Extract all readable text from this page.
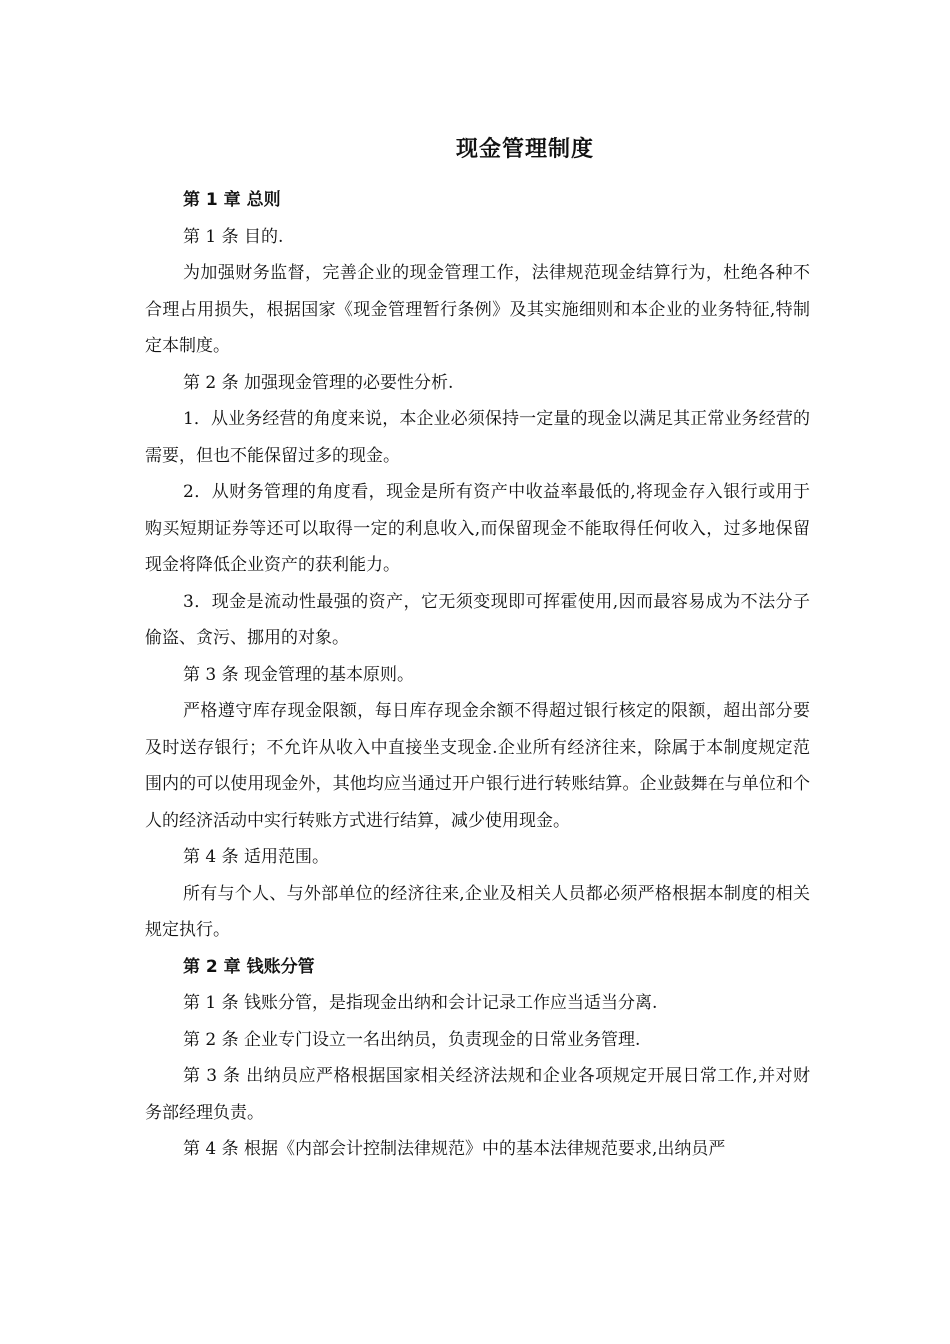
现金管理制度

第 1 章 总则

第 1 条 目的.

为加强财务监督，完善企业的现金管理工作，法律规范现金结算行为，杜绝各种不合理占用损失，根据国家《现金管理暂行条例》及其实施细则和本企业的业务特征,特制定本制度。

第 2 条 加强现金管理的必要性分析.

1．从业务经营的角度来说，本企业必须保持一定量的现金以满足其正常业务经营的需要，但也不能保留过多的现金。

2．从财务管理的角度看，现金是所有资产中收益率最低的,将现金存入银行或用于购买短期证券等还可以取得一定的利息收入,而保留现金不能取得任何收入，过多地保留现金将降低企业资产的获利能力。

3．现金是流动性最强的资产，它无须变现即可挥霍使用,因而最容易成为不法分子偷盗、贪污、挪用的对象。

第 3 条 现金管理的基本原则。

严格遵守库存现金限额，每日库存现金余额不得超过银行核定的限额，超出部分要及时送存银行；不允许从收入中直接坐支现金.企业所有经济往来，除属于本制度规定范围内的可以使用现金外，其他均应当通过开户银行进行转账结算。企业鼓舞在与单位和个人的经济活动中实行转账方式进行结算，减少使用现金。

第 4 条 适用范围。

所有与个人、与外部单位的经济往来,企业及相关人员都必须严格根据本制度的相关规定执行。

第 2 章 钱账分管

第 1 条 钱账分管，是指现金出纳和会计记录工作应当适当分离.

第 2 条 企业专门设立一名出纳员，负责现金的日常业务管理.

第 3 条 出纳员应严格根据国家相关经济法规和企业各项规定开展日常工作,并对财务部经理负责。

第 4 条 根据《内部会计控制法律规范》中的基本法律规范要求,出纳员严
